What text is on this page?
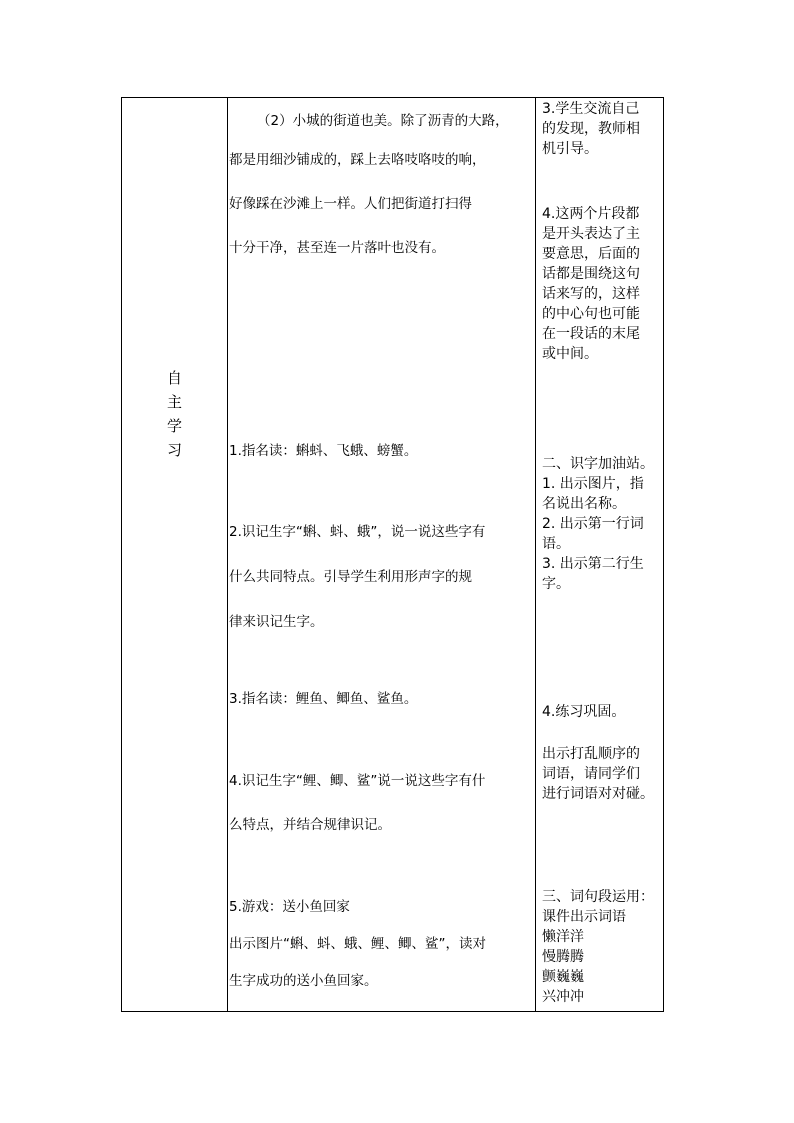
自
主
学
习
（2）小城的街道也美。除了沥青的大路，
都是用细沙铺成的，踩上去咯吱咯吱的响，
好像踩在沙滩上一样。人们把街道打扫得
十分干净，甚至连一片落叶也没有。
1.指名读：蝌蚪、飞蛾、螃蟹。
2.识记生字“蝌、蚪、蛾”，说一说这些字有
什么共同特点。引导学生利用形声字的规
律来识记生字。
3.指名读：鲤鱼、鲫鱼、鲨鱼。
4.识记生字“鲤、鲫、鲨”说一说这些字有什
么特点，并结合规律识记。
5.游戏：送小鱼回家
出示图片“蝌、蚪、蛾、鲤、鲫、鲨”，读对
生字成功的送小鱼回家。
3.学生交流自己
的发现，教师相
机引导。
4.这两个片段都
是开头表达了主
要意思，后面的
话都是围绕这句
话来写的，这样
的中心句也可能
在一段话的末尾
或中间。
二、识字加油站。
1. 出示图片，指
名说出名称。
2. 出示第一行词
语。
3. 出示第二行生
字。
4.练习巩固。
出示打乱顺序的
词语，请同学们
进行词语对对碰。
三、词句段运用：
课件出示词语
懒洋洋
慢腾腾
颤巍巍
兴冲冲
